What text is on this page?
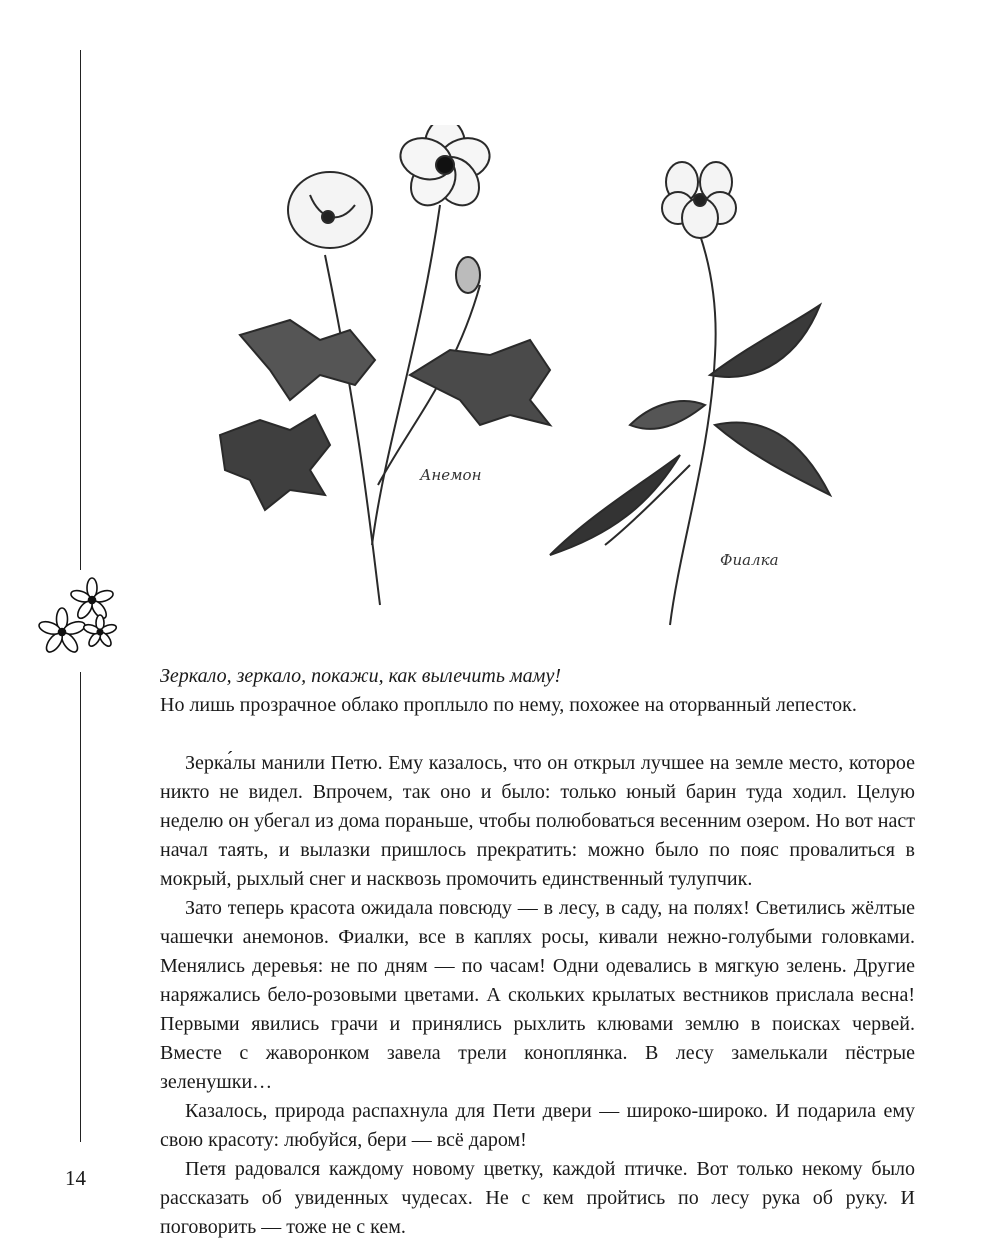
Анемон
Фиалка

Зеркало, зеркало, покажи, как вылечить маму!

Но лишь прозрачное облако проплыло по нему, похожее на оторванный лепесток.

Зерка́лы манили Петю. Ему казалось, что он открыл лучшее на земле место, которое никто не видел. Впрочем, так оно и было: только юный барин туда ходил. Целую неделю он убегал из дома пораньше, чтобы полюбоваться весенним озером. Но вот наст начал таять, и вылазки пришлось прекратить: можно было по пояс провалиться в мокрый, рыхлый снег и насквозь промочить единственный тулупчик.

Зато теперь красота ожидала повсюду — в лесу, в саду, на полях! Светились жёлтые чашечки анемонов. Фиалки, все в каплях росы, кивали нежно-голубыми головками. Менялись деревья: не по дням — по часам! Одни одевались в мягкую зелень. Другие наряжались бело-розовыми цветами. А скольких крылатых вестников прислала весна! Первыми явились грачи и принялись рыхлить клювами землю в поисках червей. Вместе с жаворонком завела трели коноплянка. В лесу замелькали пёстрые зеленушки…

Казалось, природа распахнула для Пети двери — широко-широко. И подарила ему свою красоту: любуйся, бери — всё даром!

Петя радовался каждому новому цветку, каждой птичке. Вот только некому было рассказать об увиденных чудесах. Не с кем пройтись по лесу рука об руку. И поговорить — тоже не с кем.

14
